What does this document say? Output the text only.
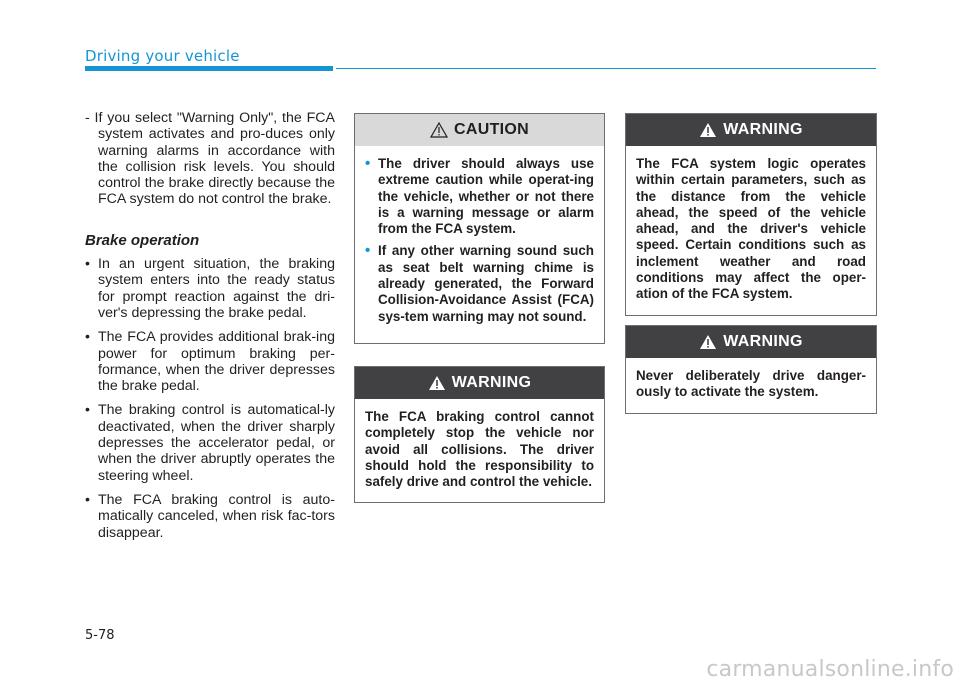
Driving your vehicle

- If you select "Warning Only", the FCA system activates and pro-duces only warning alarms in accordance with the collision risk levels. You should control the brake directly because the FCA system do not control the brake.

Brake operation
• In an urgent situation, the braking system enters into the ready status for prompt reaction against the dri-ver's depressing the brake pedal.
• The FCA provides additional brak-ing power for optimum braking per-formance, when the driver depresses the brake pedal.
• The braking control is automatical-ly deactivated, when the driver sharply depresses the accelerator pedal, or when the driver abruptly operates the steering wheel.
• The FCA braking control is auto-matically canceled, when risk fac-tors disappear.
CAUTION
• The driver should always use extreme caution while operat-ing the vehicle, whether or not there is a warning message or alarm from the FCA system.
• If any other warning sound such as seat belt warning chime is already generated, the Forward Collision-Avoidance Assist (FCA) sys-tem warning may not sound.
WARNING
The FCA braking control cannot completely stop the vehicle nor avoid all collisions. The driver should hold the responsibility to safely drive and control the vehicle.
WARNING
The FCA system logic operates within certain parameters, such as the distance from the vehicle ahead, the speed of the vehicle ahead, and the driver's vehicle speed. Certain conditions such as inclement weather and road conditions may affect the oper-ation of the FCA system.
WARNING
Never deliberately drive danger-ously to activate the system.
5-78
carmanualsonline.info
